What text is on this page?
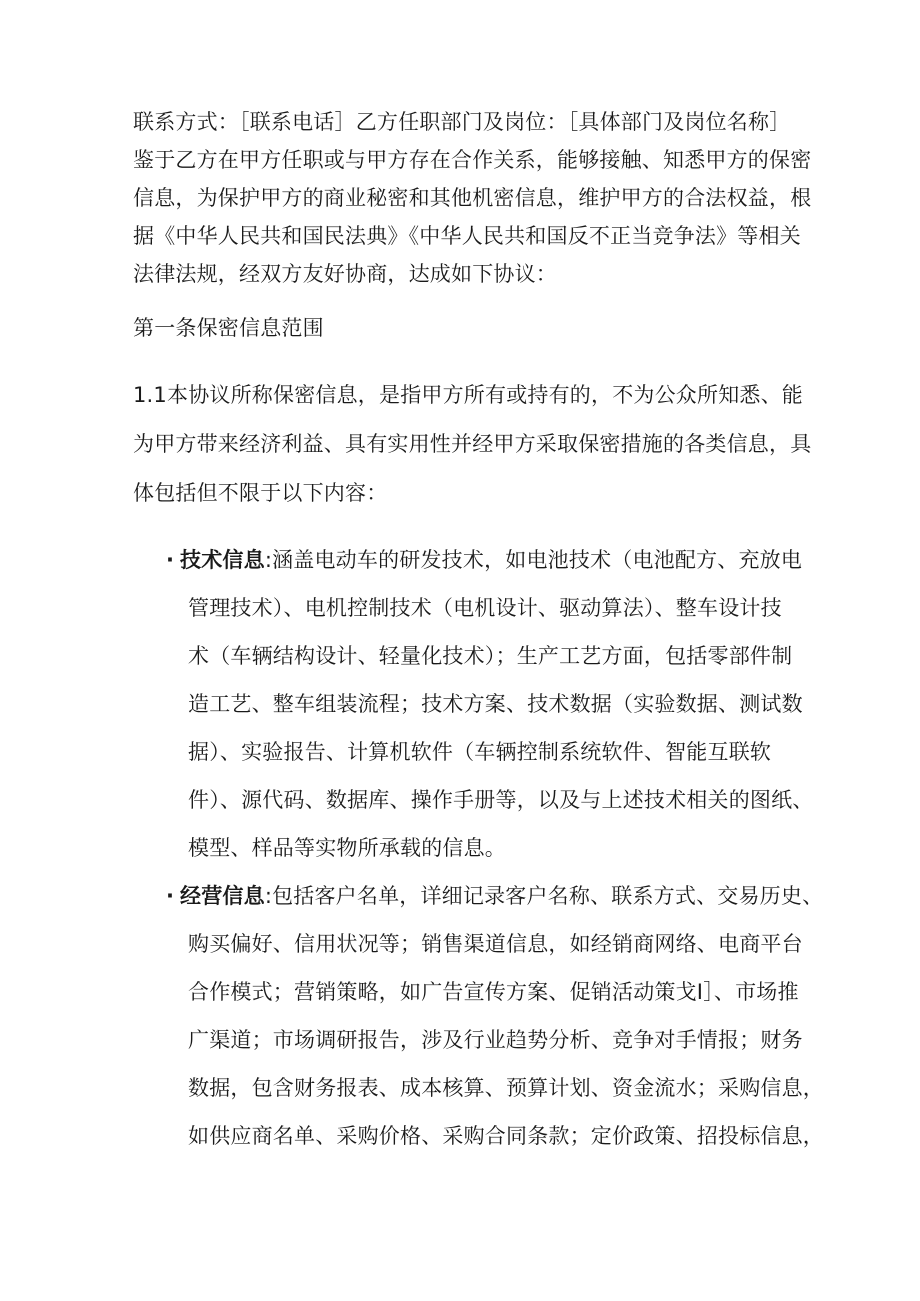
联系方式：［联系电话］乙方任职部门及岗位：［具体部门及岗位名称］
鉴于乙方在甲方任职或与甲方存在合作关系，能够接触、知悉甲方的保密
信息，为保护甲方的商业秘密和其他机密信息，维护甲方的合法权益，根
据《中华人民共和国民法典》《中华人民共和国反不正当竞争法》等相关
法律法规，经双方友好协商，达成如下协议：
第一条保密信息范围
1.1本协议所称保密信息，是指甲方所有或持有的，不为公众所知悉、能
为甲方带来经济利益、具有实用性并经甲方采取保密措施的各类信息，具
体包括但不限于以下内容：
· 技术信息:涵盖电动车的研发技术，如电池技术（电池配方、充放电
管理技术）、电机控制技术（电机设计、驱动算法）、整车设计技
术（车辆结构设计、轻量化技术）；生产工艺方面，包括零部件制
造工艺、整车组装流程；技术方案、技术数据（实验数据、测试数
据）、实验报告、计算机软件（车辆控制系统软件、智能互联软
件）、源代码、数据库、操作手册等，以及与上述技术相关的图纸、
模型、样品等实物所承载的信息。
· 经营信息:包括客户名单，详细记录客户名称、联系方式、交易历史、
购买偏好、信用状况等；销售渠道信息，如经销商网络、电商平台
合作模式；营销策略，如广告宣传方案、促销活动策戈I］、市场推
广渠道；市场调研报告，涉及行业趋势分析、竞争对手情报；财务
数据，包含财务报表、成本核算、预算计划、资金流水；采购信息，
如供应商名单、采购价格、采购合同条款；定价政策、招投标信息，
